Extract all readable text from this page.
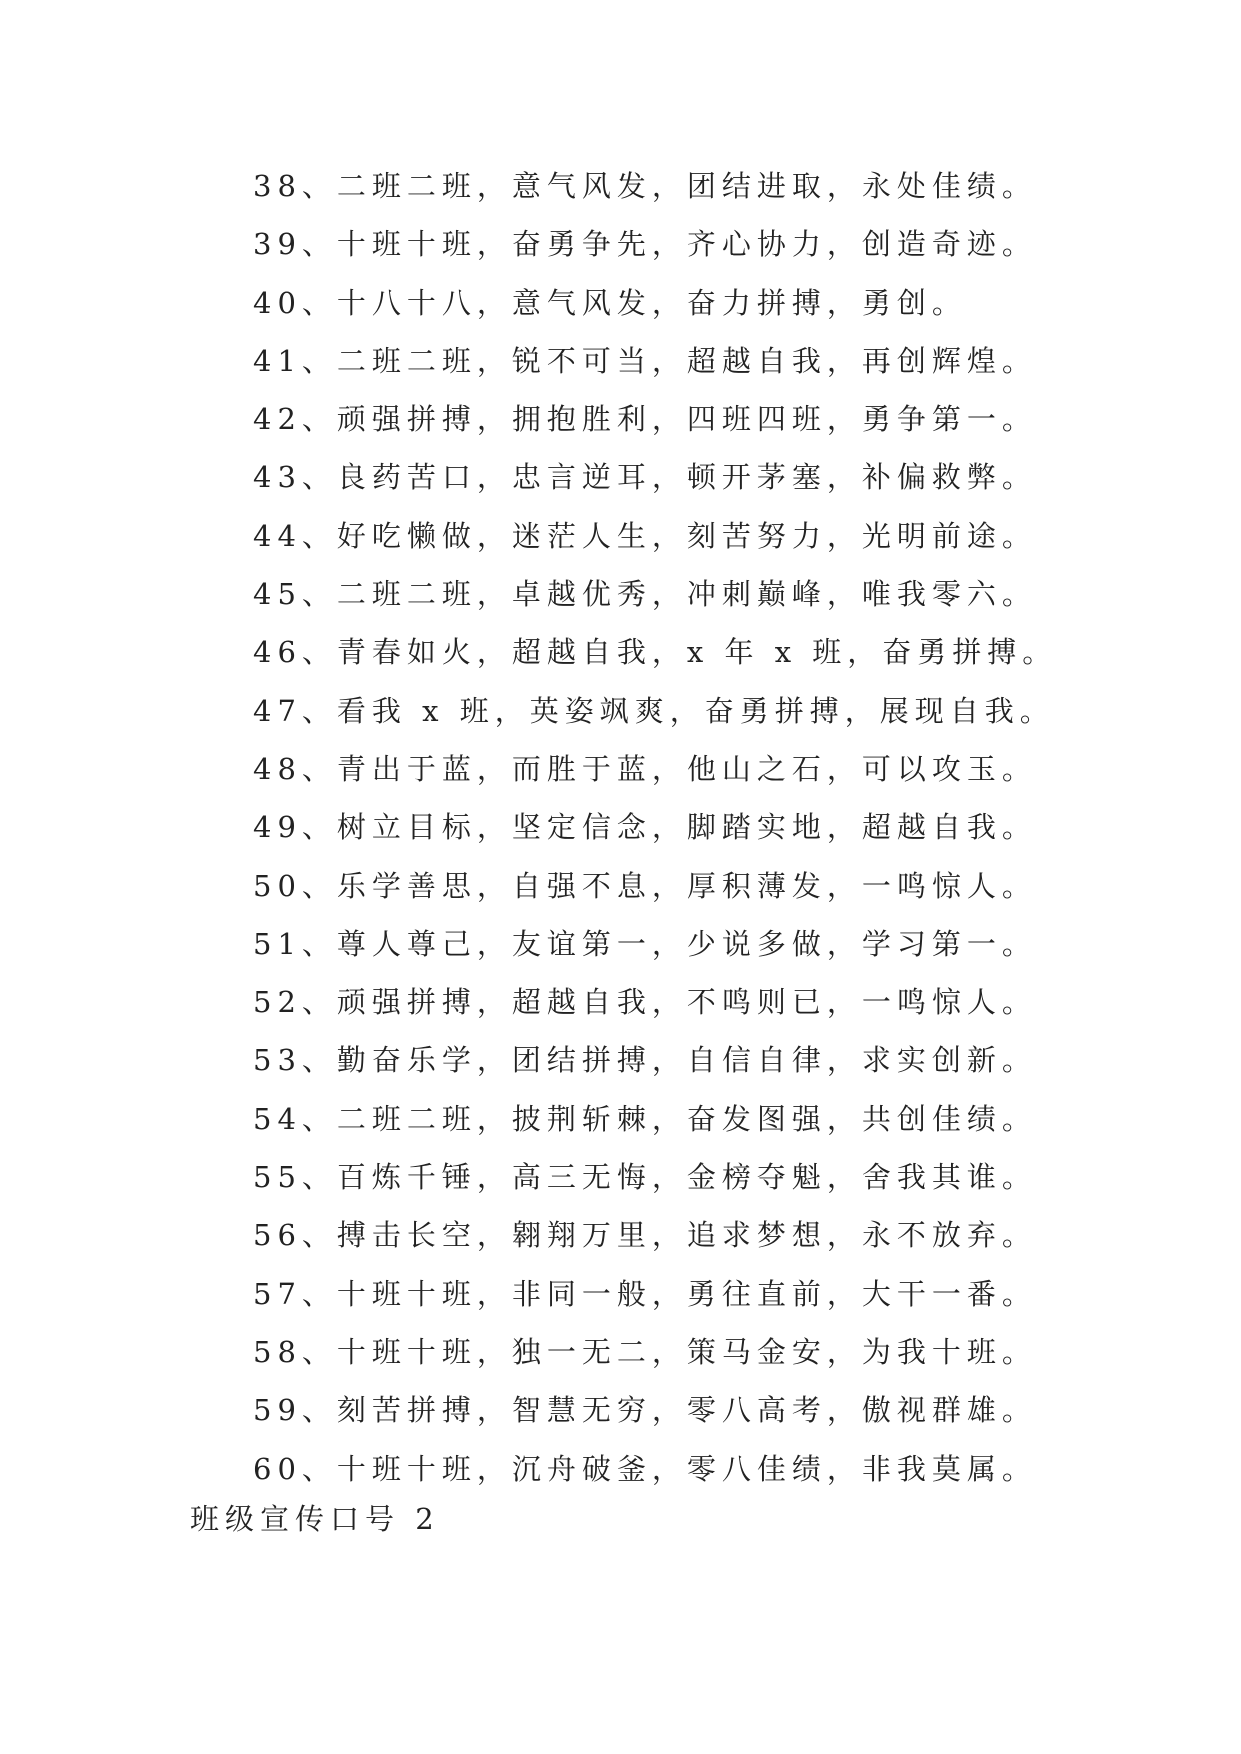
38、二班二班，意气风发，团结进取，永处佳绩。
39、十班十班，奋勇争先，齐心协力，创造奇迹。
40、十八十八，意气风发，奋力拼搏，勇创。
41、二班二班，锐不可当，超越自我，再创辉煌。
42、顽强拼搏，拥抱胜利，四班四班，勇争第一。
43、良药苦口，忠言逆耳，顿开茅塞，补偏救弊。
44、好吃懒做，迷茫人生，刻苦努力，光明前途。
45、二班二班，卓越优秀，冲刺巅峰，唯我零六。
46、青春如火，超越自我，x 年 x 班，奋勇拼搏。
47、看我 x 班，英姿飒爽，奋勇拼搏，展现自我。
48、青出于蓝，而胜于蓝，他山之石，可以攻玉。
49、树立目标，坚定信念，脚踏实地，超越自我。
50、乐学善思，自强不息，厚积薄发，一鸣惊人。
51、尊人尊己，友谊第一，少说多做，学习第一。
52、顽强拼搏，超越自我，不鸣则已，一鸣惊人。
53、勤奋乐学，团结拼搏，自信自律，求实创新。
54、二班二班，披荆斩棘，奋发图强，共创佳绩。
55、百炼千锤，高三无悔，金榜夺魁，舍我其谁。
56、搏击长空，翱翔万里，追求梦想，永不放弃。
57、十班十班，非同一般，勇往直前，大干一番。
58、十班十班，独一无二，策马金安，为我十班。
59、刻苦拼搏，智慧无穷，零八高考，傲视群雄。
60、十班十班，沉舟破釜，零八佳绩，非我莫属。
班级宣传口号 2
